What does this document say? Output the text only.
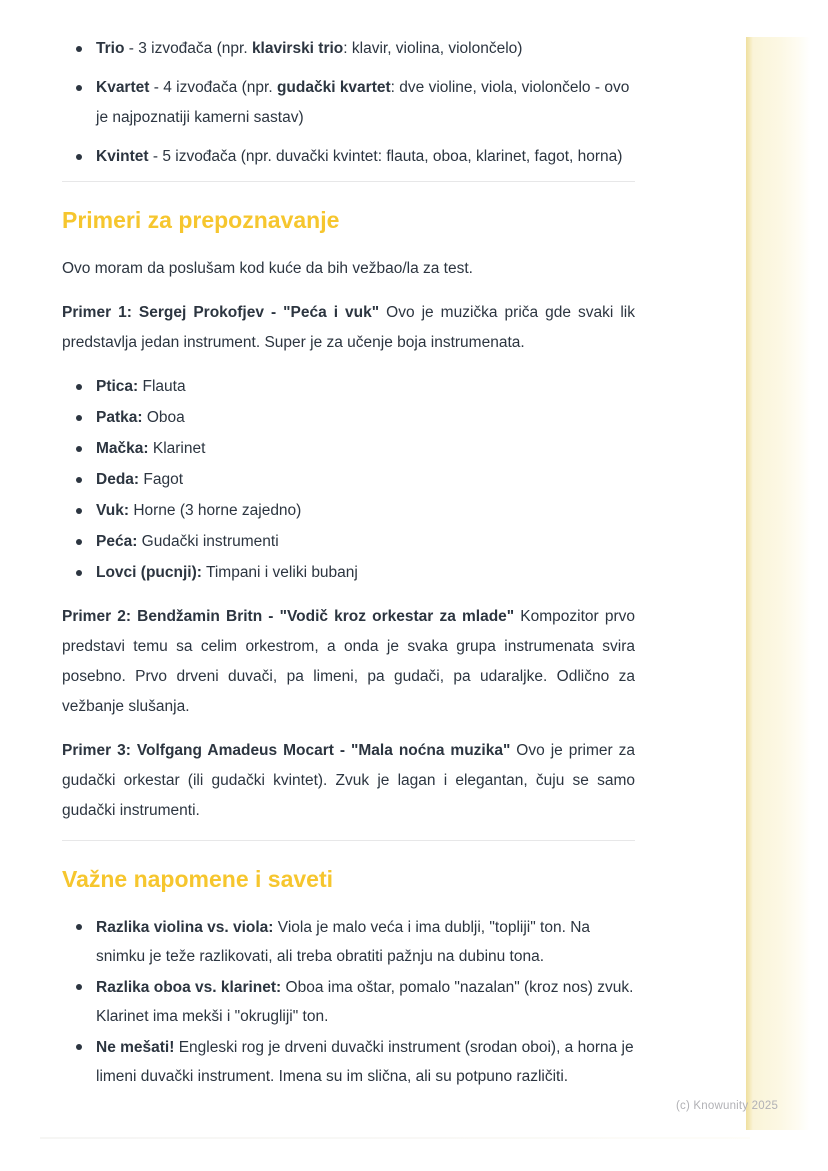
Trio - 3 izvođača (npr. klavirski trio: klavir, violina, violončelo)
Kvartet - 4 izvođača (npr. gudački kvartet: dve violine, viola, violončelo - ovo je najpoznatiji kamerni sastav)
Kvintet - 5 izvođača (npr. duvački kvintet: flauta, oboa, klarinet, fagot, horna)
Primeri za prepoznavanje

Ovo moram da poslušam kod kuće da bih vežbao/la za test.

Primer 1: Sergej Prokofjev - "Peća i vuk" Ovo je muzička priča gde svaki lik predstavlja jedan instrument. Super je za učenje boja instrumenata.

Ptica: Flauta
Patka: Oboa
Mačka: Klarinet
Deda: Fagot
Vuk: Horne (3 horne zajedno)
Peća: Gudački instrumenti
Lovci (pucnji): Timpani i veliki bubanj

Primer 2: Bendžamin Britn - "Vodič kroz orkestar za mlade" Kompozitor prvo predstavi temu sa celim orkestrom, a onda je svaka grupa instrumenata svira posebno. Prvo drveni duvači, pa limeni, pa gudači, pa udaraljke. Odlično za vežbanje slušanja.

Primer 3: Volfgang Amadeus Mocart - "Mala noćna muzika" Ovo je primer za gudački orkestar (ili gudački kvintet). Zvuk je lagan i elegantan, čuju se samo gudački instrumenti.

Važne napomene i saveti
Razlika violina vs. viola: Viola je malo veća i ima dublji, "topliji" ton. Na snimku je teže razlikovati, ali treba obratiti pažnju na dubinu tona.
Razlika oboa vs. klarinet: Oboa ima oštar, pomalo "nazalan" (kroz nos) zvuk. Klarinet ima mekši i "okrugliji" ton.
Ne mešati! Engleski rog je drveni duvački instrument (srodan oboi), a horna je limeni duvački instrument. Imena su im slična, ali su potpuno različiti.
(c) Knowunity 2025
